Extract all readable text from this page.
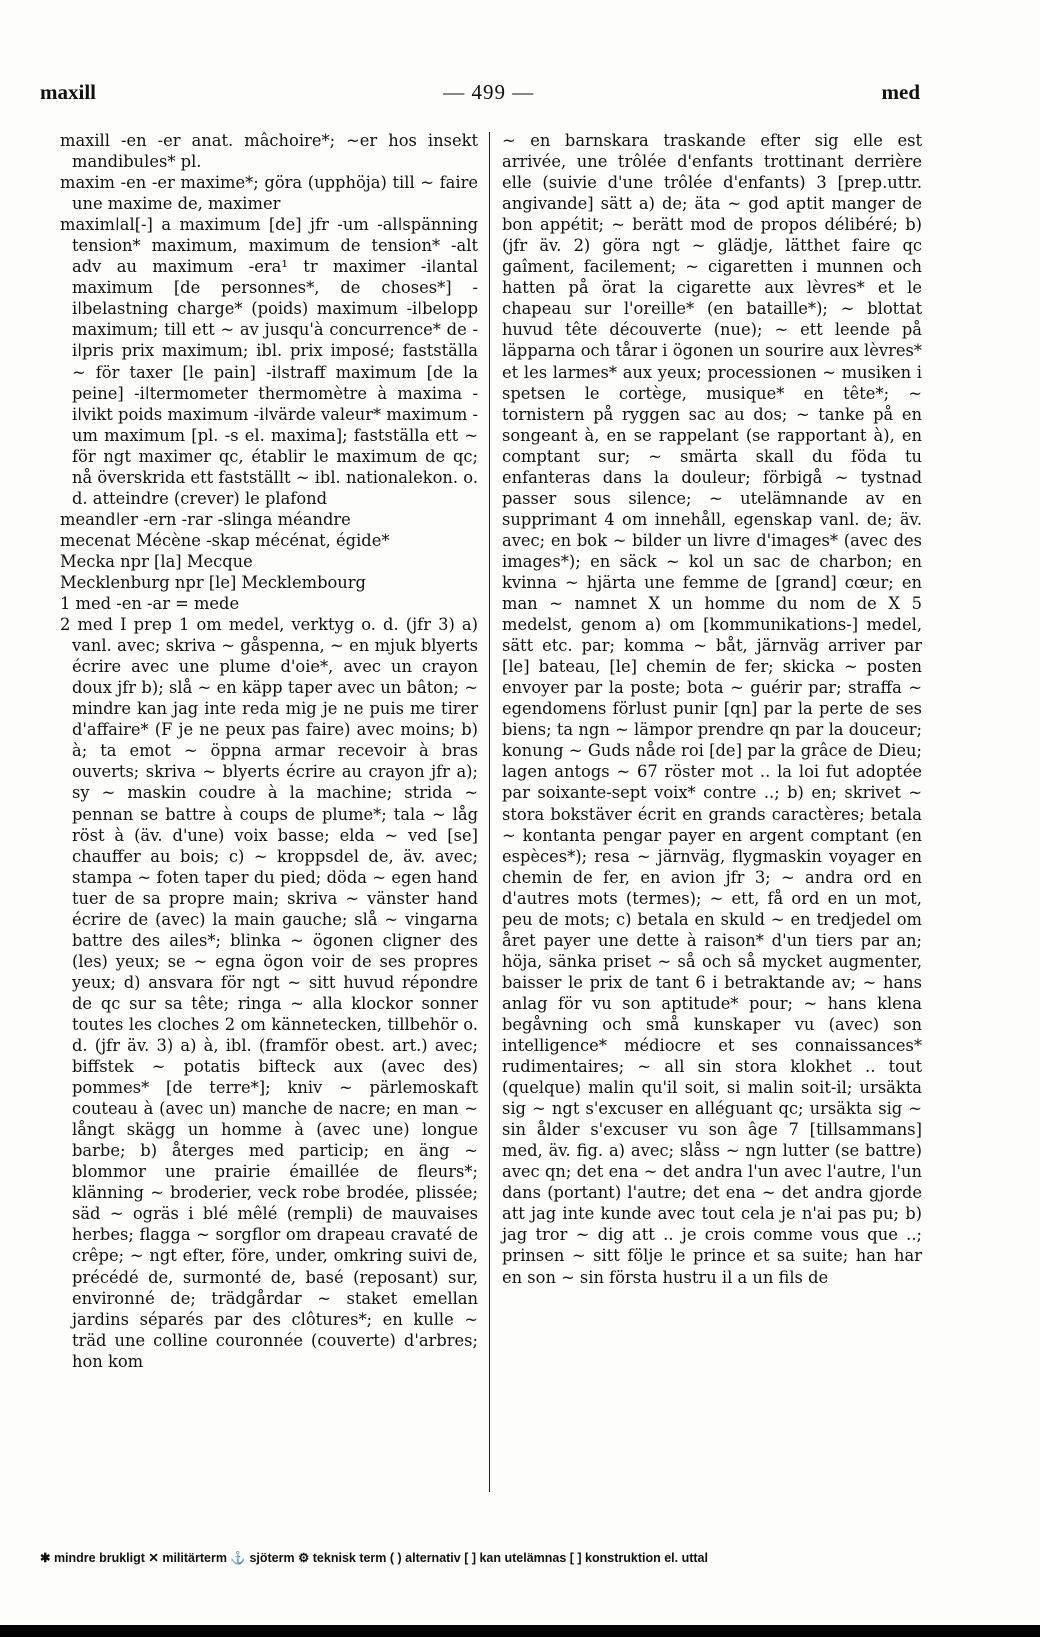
maxill	— 499 —	med

maxill -en -er anat. mâchoire*; ~er hos insekt mandibules* pl.

maxim -en -er maxime*; göra (upphöja) till ~ faire une maxime de, maximer

maximǀal[-] a maximum [de] jfr -um -alǀspänning tension* maximum, maximum de tension* -alt adv au maximum -era¹ tr maximer -iǀantal maximum [de personnes*, de choses*] -iǀbelastning charge* (poids) maximum -iǀbelopp maximum; till ett ~ av jusqu'à concurrence* de -iǀpris prix maximum; ibl. prix imposé; fastställa ~ för taxer [le pain] -iǀstraff maximum [de la peine] -iǀtermometer thermomètre à maxima -iǀvikt poids maximum -iǀvärde valeur* maximum -um maximum [pl. -s el. maxima]; fastställa ett ~ för ngt maximer qc, établir le maximum de qc; nå överskrida ett fastställt ~ ibl. nationalekon. o. d. atteindre (crever) le plafond

meandǀer -ern -rar -slinga méandre

mecenat Mécène -skap mécénat, égide*

Mecka npr [la] Mecque

Mecklenburg npr [le] Mecklembourg

1 med -en -ar = mede

2 med I prep 1 om medel, verktyg o. d. (jfr 3) a) vanl. avec; skriva ~ gåspenna, ~ en mjuk blyerts écrire avec une plume d'oie*, avec un crayon doux jfr b); slå ~ en käpp taper avec un bâton; ~ mindre kan jag inte reda mig je ne puis me tirer d'affaire* (F je ne peux pas faire) avec moins; b) à; ta emot ~ öppna armar recevoir à bras ouverts; skriva ~ blyerts écrire au crayon jfr a); sy ~ maskin coudre à la machine; strida ~ pennan se battre à coups de plume*; tala ~ låg röst à (äv. d'une) voix basse; elda ~ ved [se] chauffer au bois; c) ~ kroppsdel de, äv. avec; stampa ~ foten taper du pied; döda ~ egen hand tuer de sa propre main; skriva ~ vänster hand écrire de (avec) la main gauche; slå ~ vingarna battre des ailes*; blinka ~ ögonen cligner des (les) yeux; se ~ egna ögon voir de ses propres yeux; d) ansvara för ngt ~ sitt huvud répondre de qc sur sa tête; ringa ~ alla klockor sonner toutes les cloches 2 om kännetecken, tillbehör o. d. (jfr äv. 3) a) à, ibl. (framför obest. art.) avec; biffstek ~ potatis bifteck aux (avec des) pommes* [de terre*]; kniv ~ pärlemoskaft couteau à (avec un) manche de nacre; en man ~ långt skägg un homme à (avec une) longue barbe; b) återges med particip; en äng ~ blommor une prairie émaillée de fleurs*; klänning ~ broderier, veck robe brodée, plissée; säd ~ ogräs i blé mêlé (rempli) de mauvaises herbes; flagga ~ sorgflor om drapeau cravaté de crêpe; ~ ngt efter, före, under, omkring suivi de, précédé de, surmonté de, basé (reposant) sur, environné de; trädgårdar ~ staket emellan jardins séparés par des clôtures*; en kulle ~ träd une colline couronnée (couverte) d'arbres; hon kom

~ en barnskara traskande efter sig elle est arrivée, une trôlée d'enfants trottinant derrière elle (suivie d'une trôlée d'enfants) 3 [prep.uttr. angivande] sätt a) de; äta ~ god aptit manger de bon appétit; ~ berätt mod de propos délibéré; b) (jfr äv. 2) göra ngt ~ glädje, lätthet faire qc gaîment, facilement; ~ cigaretten i munnen och hatten på örat la cigarette aux lèvres* et le chapeau sur l'oreille* (en bataille*); ~ blottat huvud tête découverte (nue); ~ ett leende på läpparna och tårar i ögonen un sourire aux lèvres* et les larmes* aux yeux; processionen ~ musiken i spetsen le cortège, musique* en tête*; ~ tornistern på ryggen sac au dos; ~ tanke på en songeant à, en se rappelant (se rapportant à), en comptant sur; ~ smärta skall du föda tu enfanteras dans la douleur; förbigå ~ tystnad passer sous silence; ~ utelämnande av en supprimant 4 om innehåll, egenskap vanl. de; äv. avec; en bok ~ bilder un livre d'images* (avec des images*); en säck ~ kol un sac de charbon; en kvinna ~ hjärta une femme de [grand] cœur; en man ~ namnet X un homme du nom de X 5 medelst, genom a) om [kommunikations-] medel, sätt etc. par; komma ~ båt, järnväg arriver par [le] bateau, [le] chemin de fer; skicka ~ posten envoyer par la poste; bota ~ guérir par; straffa ~ egendomens förlust punir [qn] par la perte de ses biens; ta ngn ~ lämpor prendre qn par la douceur; konung ~ Guds nåde roi [de] par la grâce de Dieu; lagen antogs ~ 67 röster mot .. la loi fut adoptée par soixante-sept voix* contre ..; b) en; skrivet ~ stora bokstäver écrit en grands caractères; betala ~ kontanta pengar payer en argent comptant (en espèces*); resa ~ järnväg, flygmaskin voyager en chemin de fer, en avion jfr 3; ~ andra ord en d'autres mots (termes); ~ ett, få ord en un mot, peu de mots; c) betala en skuld ~ en tredjedel om året payer une dette à raison* d'un tiers par an; höja, sänka priset ~ så och så mycket augmenter, baisser le prix de tant 6 i betraktande av; ~ hans anlag för vu son aptitude* pour; ~ hans klena begåvning och små kunskaper vu (avec) son intelligence* médiocre et ses connaissances* rudimentaires; ~ all sin stora klokhet .. tout (quelque) malin qu'il soit, si malin soit-il; ursäkta sig ~ ngt s'excuser en alléguant qc; ursäkta sig ~ sin ålder s'excuser vu son âge 7 [tillsammans] med, äv. fig. a) avec; slåss ~ ngn lutter (se battre) avec qn; det ena ~ det andra l'un avec l'autre, l'un dans (portant) l'autre; det ena ~ det andra gjorde att jag inte kunde avec tout cela je n'ai pas pu; b) jag tror ~ dig att .. je crois comme vous que ..; prinsen ~ sitt följe le prince et sa suite; han har en son ~ sin första hustru il a un fils de

✱ mindre brukligt ✕ militärterm ⚓ sjöterm ⚙ teknisk term ( ) alternativ [ ] kan utelämnas [ ] konstruktion el. uttal
